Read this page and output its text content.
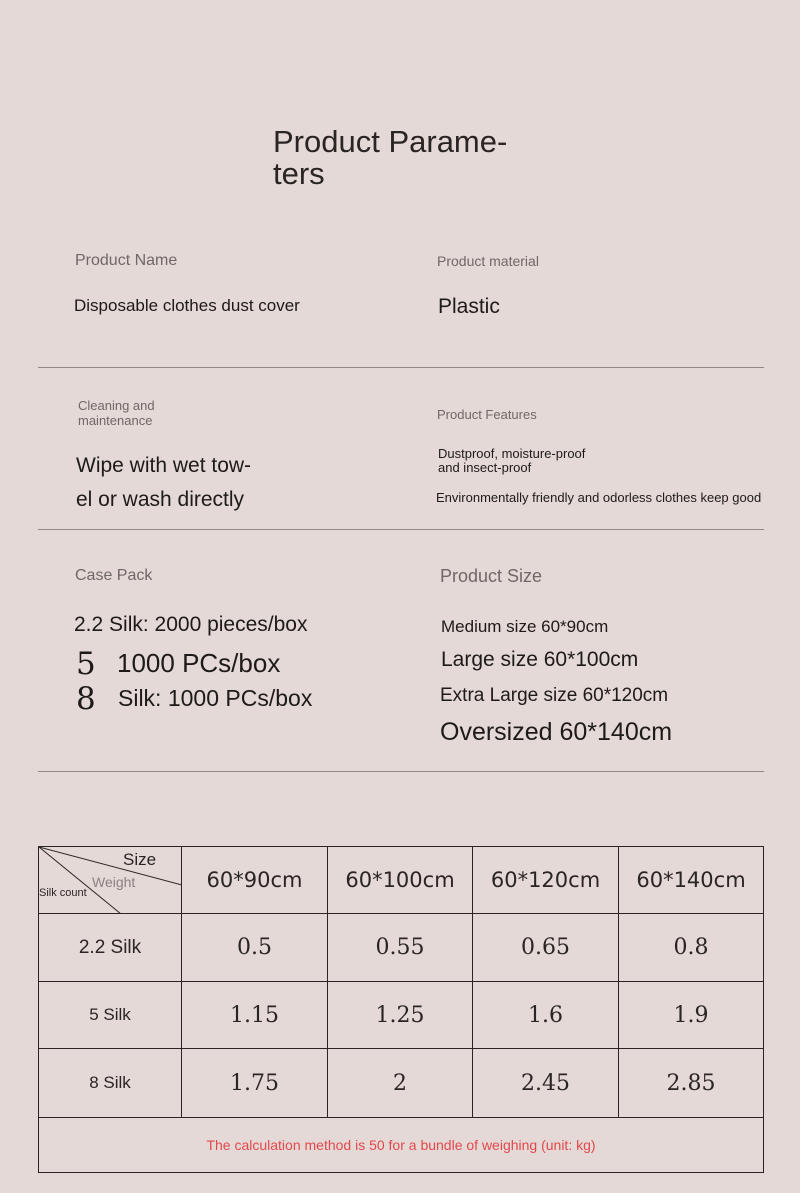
Product Parame-
ters
Product Name
Disposable clothes dust cover
Product material
Plastic
Cleaning and
maintenance
Wipe with wet tow-
el or wash directly
Product Features
Dustproof, moisture-proof
and insect-proof
Environmentally friendly and odorless clothes keep good
Case Pack
2.2 Silk: 2000 pieces/box
5 1000 PCs/box
8 Silk: 1000 PCs/box
Product Size
Medium size 60*90cm
Large size 60*100cm
Extra Large size 60*120cm
Oversized 60*140cm
Size
Weight
Silk count	60*90cm	60*100cm	60*120cm	60*140cm
2.2 Silk	0.5	0.55	0.65	0.8
5 Silk	1.15	1.25	1.6	1.9
8 Silk	1.75	2	2.45	2.85
The calculation method is 50 for a bundle of weighing (unit: kg)				
